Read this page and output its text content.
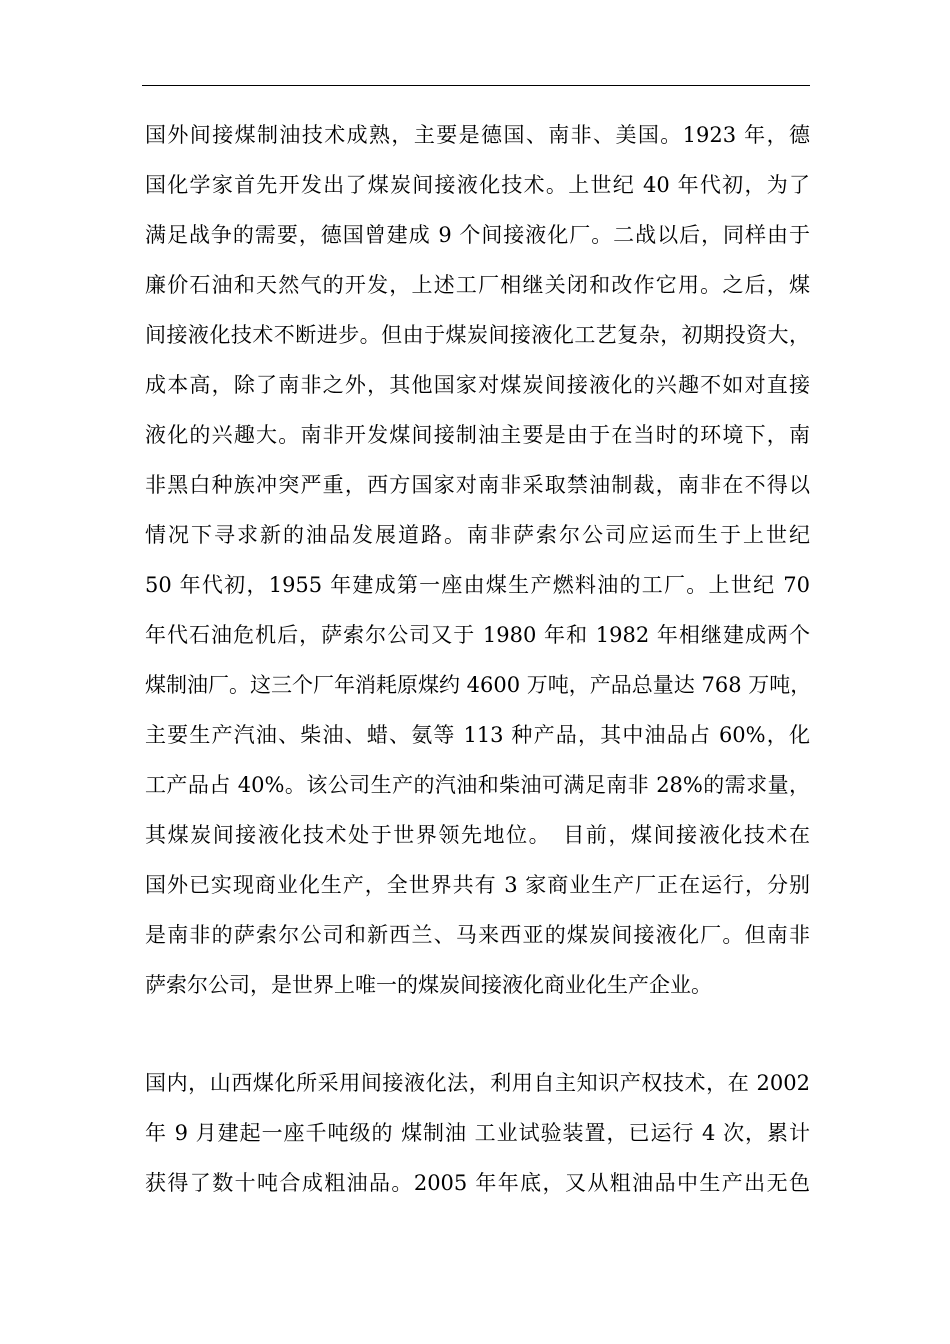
国外间接煤制油技术成熟，主要是德国、南非、美国。1923 年，德
国化学家首先开发出了煤炭间接液化技术。上世纪 40 年代初，为了
满足战争的需要，德国曾建成 9 个间接液化厂。二战以后，同样由于
廉价石油和天然气的开发，上述工厂相继关闭和改作它用。之后，煤
间接液化技术不断进步。但由于煤炭间接液化工艺复杂，初期投资大，
成本高，除了南非之外，其他国家对煤炭间接液化的兴趣不如对直接
液化的兴趣大。南非开发煤间接制油主要是由于在当时的环境下，南
非黑白种族冲突严重，西方国家对南非采取禁油制裁，南非在不得以
情况下寻求新的油品发展道路。南非萨索尔公司应运而生于上世纪
50 年代初，1955 年建成第一座由煤生产燃料油的工厂。上世纪 70
年代石油危机后，萨索尔公司又于 1980 年和 1982 年相继建成两个
煤制油厂。这三个厂年消耗原煤约 4600 万吨，产品总量达 768 万吨，
主要生产汽油、柴油、蜡、氨等 113 种产品，其中油品占 60%，化
工产品占 40%。该公司生产的汽油和柴油可满足南非 28%的需求量，
其煤炭间接液化技术处于世界领先地位。　目前，煤间接液化技术在
国外已实现商业化生产，全世界共有 3 家商业生产厂正在运行，分别
是南非的萨索尔公司和新西兰、马来西亚的煤炭间接液化厂。但南非
萨索尔公司，是世界上唯一的煤炭间接液化商业化生产企业。
国内，山西煤化所采用间接液化法，利用自主知识产权技术，在 2002
年 9 月建起一座千吨级的 煤制油 工业试验装置，已运行 4 次，累计
获得了数十吨合成粗油品。2005 年年底，又从粗油品中生产出无色
